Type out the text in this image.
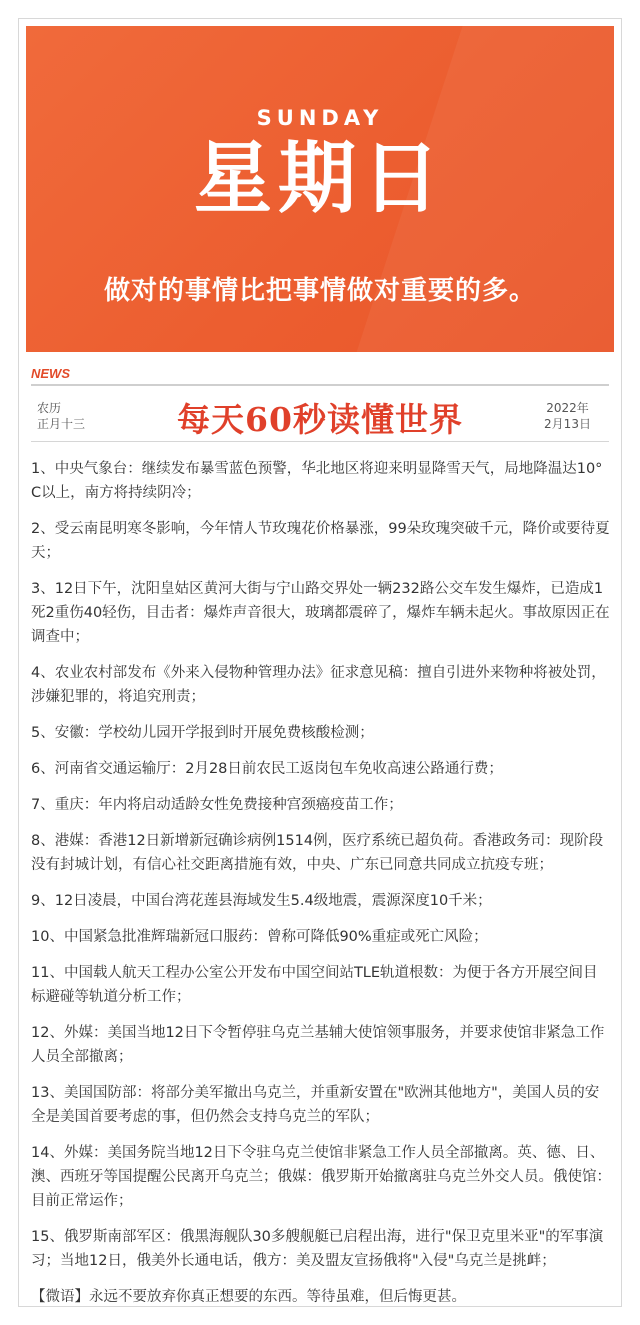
SUNDAY
星期日
做对的事情比把事情做对重要的多。
NEWS
农历
正月十三	每天60秒读懂世界	2022年
2月13日

1、中央气象台：继续发布暴雪蓝色预警，华北地区将迎来明显降雪天气，局地降温达10°C以上，南方将持续阴冷；

2、受云南昆明寒冬影响，今年情人节玫瑰花价格暴涨，99朵玫瑰突破千元，降价或要待夏天；

3、12日下午，沈阳皇姑区黄河大街与宁山路交界处一辆232路公交车发生爆炸，已造成1死2重伤40轻伤，目击者：爆炸声音很大，玻璃都震碎了，爆炸车辆未起火。事故原因正在调查中；

4、农业农村部发布《外来入侵物种管理办法》征求意见稿：擅自引进外来物种将被处罚，涉嫌犯罪的，将追究刑责；

5、安徽：学校幼儿园开学报到时开展免费核酸检测；

6、河南省交通运输厅：2月28日前农民工返岗包车免收高速公路通行费；

7、重庆：年内将启动适龄女性免费接种宫颈癌疫苗工作；

8、港媒：香港12日新增新冠确诊病例1514例，医疗系统已超负荷。香港政务司：现阶段没有封城计划，有信心社交距离措施有效，中央、广东已同意共同成立抗疫专班；

9、12日凌晨，中国台湾花莲县海域发生5.4级地震，震源深度10千米；

10、中国紧急批准辉瑞新冠口服药：曾称可降低90%重症或死亡风险；

11、中国载人航天工程办公室公开发布中国空间站TLE轨道根数：为便于各方开展空间目标避碰等轨道分析工作；

12、外媒：美国当地12日下令暂停驻乌克兰基辅大使馆领事服务，并要求使馆非紧急工作人员全部撤离；

13、美国国防部：将部分美军撤出乌克兰，并重新安置在"欧洲其他地方"，美国人员的安全是美国首要考虑的事，但仍然会支持乌克兰的军队；

14、外媒：美国务院当地12日下令驻乌克兰使馆非紧急工作人员全部撤离。英、德、日、澳、西班牙等国提醒公民离开乌克兰；俄媒：俄罗斯开始撤离驻乌克兰外交人员。俄使馆：目前正常运作；

15、俄罗斯南部军区：俄黑海舰队30多艘舰艇已启程出海，进行"保卫克里米亚"的军事演习；当地12日，俄美外长通电话，俄方：美及盟友宣扬俄将"入侵"乌克兰是挑衅；

【微语】永远不要放弃你真正想要的东西。等待虽难，但后悔更甚。
